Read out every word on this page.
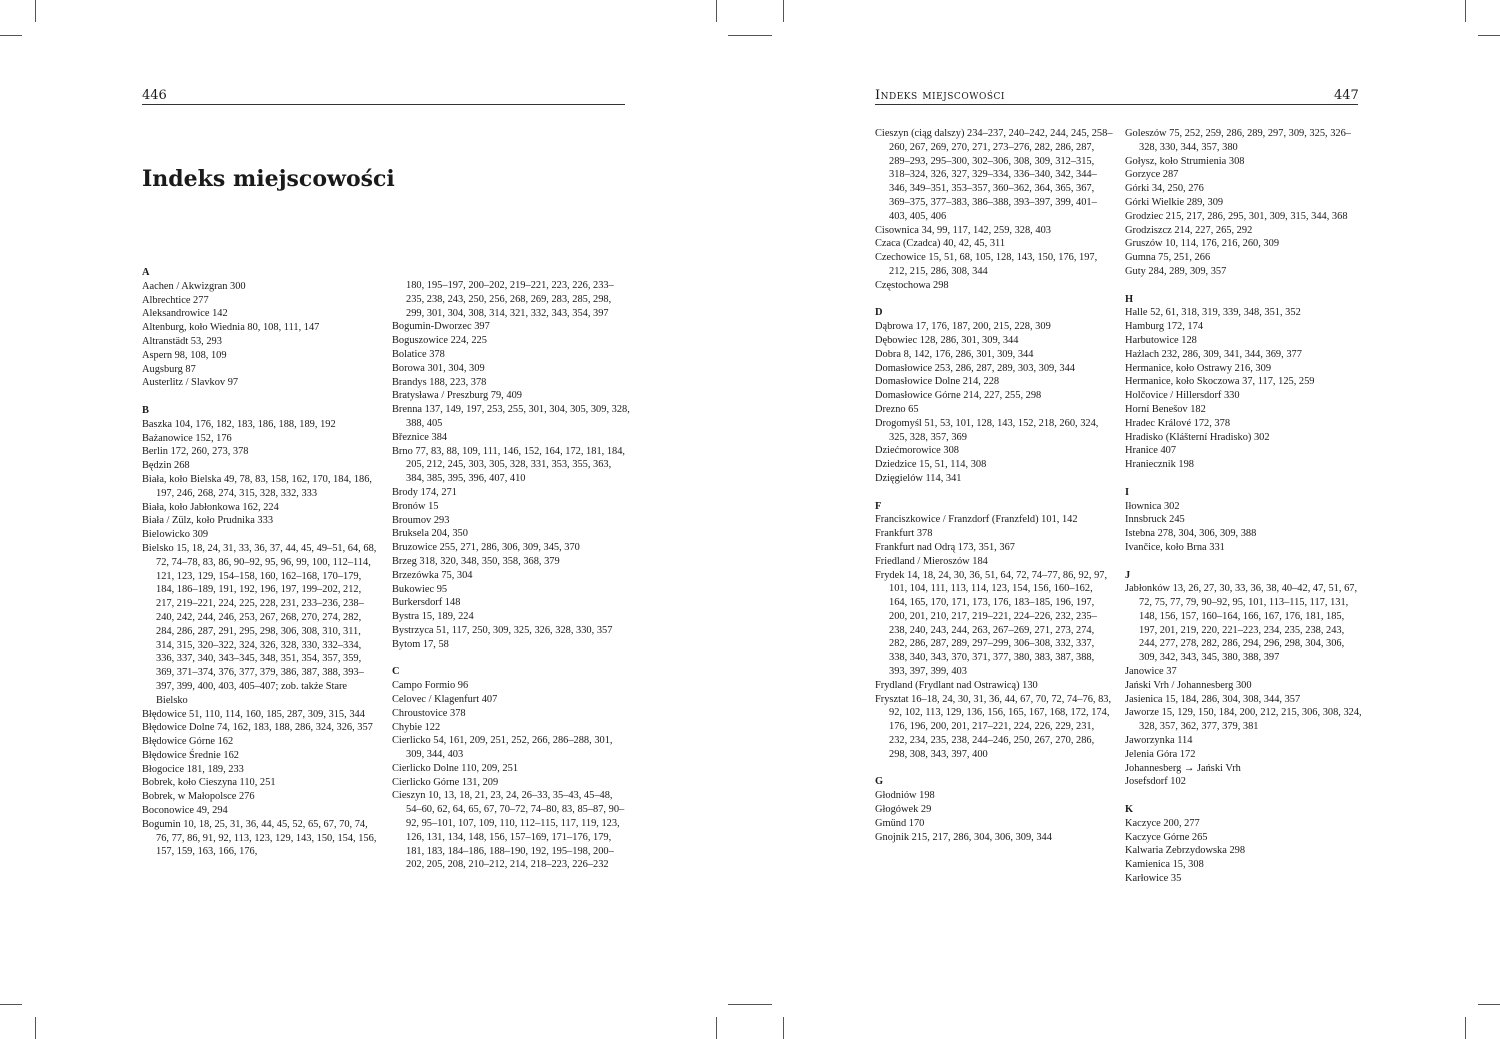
446
Indeks miejscowości
Indeks miejscowości	447
A
Aachen / Akwizgran 300
Albrechtice 277
Aleksandrowice 142
Altenburg, koło Wiednia 80, 108, 111, 147
Altranstädt 53, 293
Aspern 98, 108, 109
Augsburg 87
Austerlitz / Slavkov 97
B
Baszka 104, 176, 182, 183, 186, 188, 189, 192
Bażanowice 152, 176
Berlin 172, 260, 273, 378
Będzin 268
Biała, koło Bielska 49, 78, 83, 158, 162, 170, 184, 186, 197, 246, 268, 274, 315, 328, 332, 333
Biała, koło Jabłonkowa 162, 224
Biała / Zülz, koło Prudnika 333
Bielowicko 309
Bielsko 15, 18, 24, 31, 33, 36, 37, 44, 45, 49–51, 64, 68, 72, 74–78, 83, 86, 90–92, 95, 96, 99, 100, 112–114, 121, 123, 129, 154–158, 160, 162–168, 170–179, 184, 186–189, 191, 192, 196, 197, 199–202, 212, 217, 219–221, 224, 225, 228, 231, 233–236, 238–240, 242, 244, 246, 253, 267, 268, 270, 274, 282, 284, 286, 287, 291, 295, 298, 306, 308, 310, 311, 314, 315, 320–322, 324, 326, 328, 330, 332–334, 336, 337, 340, 343–345, 348, 351, 354, 357, 359, 369, 371–374, 376, 377, 379, 386, 387, 388, 393–397, 399, 400, 403, 405–407; zob. także Stare Bielsko
Błędowice 51, 110, 114, 160, 185, 287, 309, 315, 344
Błędowice Dolne 74, 162, 183, 188, 286, 324, 326, 357
Błędowice Górne 162
Błędowice Średnie 162
Błogocice 181, 189, 233
Bobrek, koło Cieszyna 110, 251
Bobrek, w Małopolsce 276
Boconowice 49, 294
Bogumin 10, 18, 25, 31, 36, 44, 45, 52, 65, 67, 70, 74, 76, 77, 86, 91, 92, 113, 123, 129, 143, 150, 154, 156, 157, 159, 163, 166, 176,
180, 195–197, 200–202, 219–221, 223, 226, 233–235, 238, 243, 250, 256, 268, 269, 283, 285, 298, 299, 301, 304, 308, 314, 321, 332, 343, 354, 397
Bogumin-Dworzec 397
Boguszowice 224, 225
Bolatice 378
Borowa 301, 304, 309
Brandys 188, 223, 378
Bratysława / Preszburg 79, 409
Brenna 137, 149, 197, 253, 255, 301, 304, 305, 309, 328, 388, 405
Březnice 384
Brno 77, 83, 88, 109, 111, 146, 152, 164, 172, 181, 184, 205, 212, 245, 303, 305, 328, 331, 353, 355, 363, 384, 385, 395, 396, 407, 410
Brody 174, 271
Bronów 15
Broumov 293
Bruksela 204, 350
Bruzowice 255, 271, 286, 306, 309, 345, 370
Brzeg 318, 320, 348, 350, 358, 368, 379
Brzezówka 75, 304
Bukowiec 95
Burkersdorf 148
Bystra 15, 189, 224
Bystrzyca 51, 117, 250, 309, 325, 326, 328, 330, 357
Bytom 17, 58
C
Campo Formio 96
Celovec / Klagenfurt 407
Chroustovice 378
Chybie 122
Cierlicko 54, 161, 209, 251, 252, 266, 286–288, 301, 309, 344, 403
Cierlicko Dolne 110, 209, 251
Cierlicko Górne 131, 209
Cieszyn 10, 13, 18, 21, 23, 24, 26–33, 35–43, 45–48, 54–60, 62, 64, 65, 67, 70–72, 74–80, 83, 85–87, 90–92, 95–101, 107, 109, 110, 112–115, 117, 119, 123, 126, 131, 134, 148, 156, 157–169, 171–176, 179, 181, 183, 184–186, 188–190, 192, 195–198, 200–202, 205, 208, 210–212, 214, 218–223, 226–232
Cieszyn (ciąg dalszy) 234–237, 240–242, 244, 245, 258–260, 267, 269, 270, 271, 273–276, 282, 286, 287, 289–293, 295–300, 302–306, 308, 309, 312–315, 318–324, 326, 327, 329–334, 336–340, 342, 344–346, 349–351, 353–357, 360–362, 364, 365, 367, 369–375, 377–383, 386–388, 393–397, 399, 401–403, 405, 406
Cisownica 34, 99, 117, 142, 259, 328, 403
Czaca (Czadca) 40, 42, 45, 311
Czechowice 15, 51, 68, 105, 128, 143, 150, 176, 197, 212, 215, 286, 308, 344
Częstochowa 298
D
Dąbrowa 17, 176, 187, 200, 215, 228, 309
Dębowiec 128, 286, 301, 309, 344
Dobra 8, 142, 176, 286, 301, 309, 344
Domasłowice 253, 286, 287, 289, 303, 309, 344
Domasłowice Dolne 214, 228
Domasłowice Górne 214, 227, 255, 298
Drezno 65
Drogomyśl 51, 53, 101, 128, 143, 152, 218, 260, 324, 325, 328, 357, 369
Dziećmorowice 308
Dziedzice 15, 51, 114, 308
Dzięgielów 114, 341
F
Franciszkowice / Franzdorf (Franzfeld) 101, 142
Frankfurt 378
Frankfurt nad Odrą 173, 351, 367
Friedland / Mieroszów 184
Frydek 14, 18, 24, 30, 36, 51, 64, 72, 74–77, 86, 92, 97, 101, 104, 111, 113, 114, 123, 154, 156, 160–162, 164, 165, 170, 171, 173, 176, 183–185, 196, 197, 200, 201, 210, 217, 219–221, 224–226, 232, 235–238, 240, 243, 244, 263, 267–269, 271, 273, 274, 282, 286, 287, 289, 297–299, 306–308, 332, 337, 338, 340, 343, 370, 371, 377, 380, 383, 387, 388, 393, 397, 399, 403
Frydland (Frydlant nad Ostrawicą) 130
Frysztat 16–18, 24, 30, 31, 36, 44, 67, 70, 72, 74–76, 83, 92, 102, 113, 129, 136, 156, 165, 167, 168, 172, 174, 176, 196, 200, 201, 217–221, 224, 226, 229, 231, 232, 234, 235, 238, 244–246, 250, 267, 270, 286, 298, 308, 343, 397, 400
G
Głodniów 198
Głogówek 29
Gmünd 170
Gnojnik 215, 217, 286, 304, 306, 309, 344
Goleszów 75, 252, 259, 286, 289, 297, 309, 325, 326–328, 330, 344, 357, 380
Gołysz, koło Strumienia 308
Gorzyce 287
Górki 34, 250, 276
Górki Wielkie 289, 309
Grodziec 215, 217, 286, 295, 301, 309, 315, 344, 368
Grodziszcz 214, 227, 265, 292
Gruszów 10, 114, 176, 216, 260, 309
Gumna 75, 251, 266
Guty 284, 289, 309, 357
H
Halle 52, 61, 318, 319, 339, 348, 351, 352
Hamburg 172, 174
Harbutowice 128
Hażlach 232, 286, 309, 341, 344, 369, 377
Hermanice, koło Ostrawy 216, 309
Hermanice, koło Skoczowa 37, 117, 125, 259
Holčovice / Hillersdorf 330
Horní Benešov 182
Hradec Králové 172, 378
Hradisko (Klášterní Hradisko) 302
Hranice 407
Hraniecznik 198
I
Iłownica 302
Innsbruck 245
Istebna 278, 304, 306, 309, 388
Ivančice, koło Brna 331
J
Jabłonków 13, 26, 27, 30, 33, 36, 38, 40–42, 47, 51, 67, 72, 75, 77, 79, 90–92, 95, 101, 113–115, 117, 131, 148, 156, 157, 160–164, 166, 167, 176, 181, 185, 197, 201, 219, 220, 221–223, 234, 235, 238, 243, 244, 277, 278, 282, 286, 294, 296, 298, 304, 306, 309, 342, 343, 345, 380, 388, 397
Janowice 37
Jański Vrh / Johannesberg 300
Jasienica 15, 184, 286, 304, 308, 344, 357
Jaworze 15, 129, 150, 184, 200, 212, 215, 306, 308, 324, 328, 357, 362, 377, 379, 381
Jaworzynka 114
Jelenia Góra 172
Johannesberg → Jański Vrh
Josefsdorf 102
K
Kaczyce 200, 277
Kaczyce Górne 265
Kalwaria Zebrzydowska 298
Kamienica 15, 308
Karłowice 35
